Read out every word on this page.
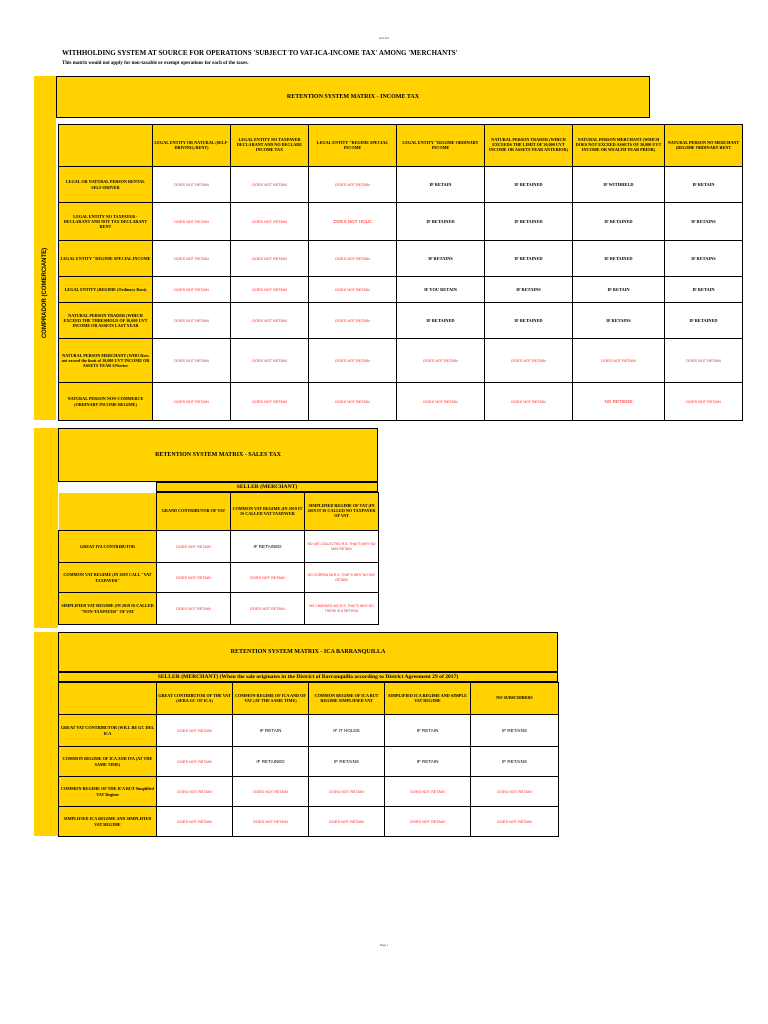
ancl fica
WITHHOLDING SYSTEM AT SOURCE FOR OPERATIONS 'SUBJECT TO VAT-ICA-INCOME TAX' AMONG 'MERCHANTS'
This matrix would not apply for non-taxable or exempt operations for each of the taxes.
RETENTION SYSTEM MATRIX - INCOME TAX
COMPRADOR (COMERCIANTE)
	LEGAL ENTITY OR NATURAL (SELF-DRIVING) RENT)	LEGAL ENTITY NO TAXPAYER DECLARANT AND NO DECLARE INCOME TAX	LEGAL ENTITY "REGIME SPECIAL INCOME	LEGAL ENTITY "REGIME ORDINARY INCOME	NATURAL PERSON TRADER (WHICH EXCEEDS THE LIMIT OF 30,000 UVT INCOME OR ASSETS YEAR ANTERIOR)	NATURAL PERSON MERCHANT (WHICH DOES NOT EXCEED ASSETS OF 30,000 UVT INCOME OR WEALTH YEAR PRIOR)	NATURAL PERSON NO MERCHANT (REGIME ORDINARY RENT
LEGAL OR NATURAL PERSON RENTAL SELF-DRIVER	DOES NOT RETAIN	DOES NOT RETAIN	DOES NOT RETAIN	IF RETAIN	IF RETAINED	IF WITHHELD	IF RETAIN
LEGAL ENTITY NO TAXPAYER - DECLARANT AND NOT TAX DECLARANT RENT	DOES NOT RETAIN	DOES NOT RETAIN	DOES NOT HOLD	IF RETAINED	IF RETAINED	IF RETAINED	IF RETAINS
LEGAL ENTITY "REGIME SPECIAL INCOME	DOES NOT RETAIN	DOES NOT RETAIN	DOES NOT RETAIN	IF RETAINS	IF RETAINED	IF RETAINED	IF RETAINS
LEGAL ENTITY (REGIME (Ordinary Rent)	DOES NOT RETAIN	DOES NOT RETAIN	DOES NOT RETAIN	IF YOU RETAIN	IF RETAINS	IF RETAIN	IF RETAIN
NATURAL PERSON TRADER (WHICH EXCEED THE THRESHOLD OF 30,000 UVT INCOME OR ASSETS LAST YEAR	DOES NOT RETAIN	DOES NOT RETAIN	DOES NOT RETAIN	IF RETAINED	IF RETAINED	IF RETAINS	IF RETAINED
NATURAL PERSON MERCHANT (WHO Does not exceed the limit of 30,000 UVT INCOME OR ASSETS YEAR ANterior	DOES NOT RETAIN	DOES NOT RETAIN	DOES NOT RETAIN	DOES NOT RETAIN	DOES NOT RETAIN	DOES NOT RETAIN	DOES NOT RETAIN
NATURAL PERSON NON-COMMERCE (ORDINARY INCOME REGIME)	DOES NOT RETAIN	DOES NOT RETAIN	DOES NOT RETAIN	DOES NOT RETAIN	DOES NOT RETAIN	NO RETIENE	DOES NOT RETAIN
RETENTION SYSTEM MATRIX - SALES TAX
SELLER (MERCHANT)
	GRAND CONTRIBUTOR OF VAT	COMMON VAT REGIME (IN 2019 IT IS CALLED VAT TAXPAYER	SIMPLIFIED REGIME OF VAT (IN 2019 IT IS CALLED NO TAXPAYER OF VAT
GREAT IVA CONTRIBUTOR	DOES NOT RETAIN	IF RETAINED	NO VAT COLLECTED R.S. THAT'S WHY NO MAY RETAIN
COMMON VAT REGIME (IN 2019 CALL "VAT TAXPAYER"	DOES NOT RETAIN	DOES NOT RETAIN	NO CORREA VA R.S. THAT'S WHY NO HAY RETAIN
SIMPLIFIED VAT REGIME (IN 2019 IS CALLED "NON-TAXPAYER" OF VAT	DOES NOT RETAIN	DOES NOT RETAIN	NO CHARGES VAT R.S. THAT'S WHY NO THERE IS A RETEIVA
RETENTION SYSTEM MATRIX - ICA BARRANQUILLA
SELLER (MERCHANT) (When the sale originates in the District of Barranquilla according to District Agreement 29 of 2017)
	GREAT CONTRIBUTOR OF THE VAT (SERA GC OF ICA)	COMMON REGIME OF ICA AND OF VAT (AT THE SAME TIME)	COMMON REGIME OF ICA BUT REGIME SIMPLIFIED VAT	SIMPLIFIED ICA REGIME AND SIMPLE VAT REGIME	NO SUBSCRIBERS
GREAT VAT CONTRIBUTOR (WILL BE GC DEL ICA	DOES NOT RETAIN	IF RETAIN	IF IT HOLDS	IF RETAIN	IF RETAINS
COMMON REGIME OF ICA AND IVA (AT THE SAME TIME)	DOES NOT RETAIN	IF RETAINED	IF RETAINS	IF RETAIN	IF RETAINS
COMMON REGIME OF THE ICA BUT Simplified VAT Regime	DOES NOT RETAIN	DOES NOT RETAIN	DOES NOT RETAIN	DOES NOT RETAIN	DOES NOT RETAIN
SIMPLIFIED ICA REGIME AND SIMPLIFIED VAT REGIME	DOES NOT RETAIN	DOES NOT RETAIN	DOES NOT RETAIN	DOES NOT RETAIN	DOES NOT RETAIN
Page 1
